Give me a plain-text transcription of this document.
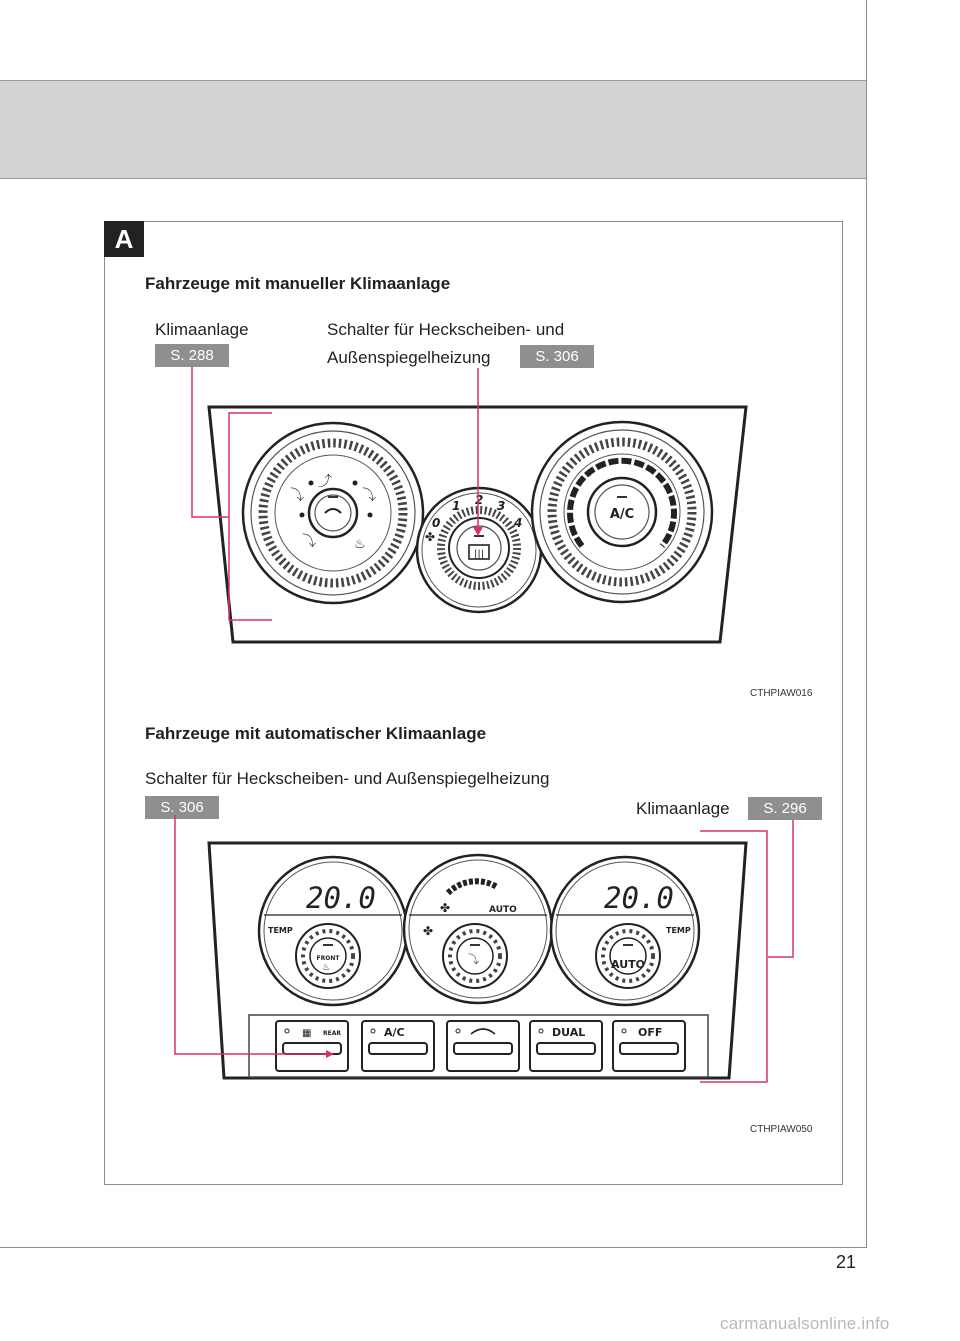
A
Fahrzeuge mit manueller Klimaanlage
Klimaanlage
S. 288
Schalter für Heckscheiben- und
Außenspiegelheizung	S. 306
CTHPIAW016
Fahrzeuge mit automatischer Klimaanlage
Schalter für Heckscheiben- und Außenspiegelheizung
S. 306	Klimaanlage	S. 296
CTHPIAW050
21
carmanualsonline.info
⤴
⤵	⤵
⤵	♨
|||
✤
0
1 2 3
4
A/C
FRONT
♨
20.0
TEMP
⤵
✤
✤
AUTO
AUTO
20.0
TEMP
REAR
▦	A/C	DUAL	OFF
